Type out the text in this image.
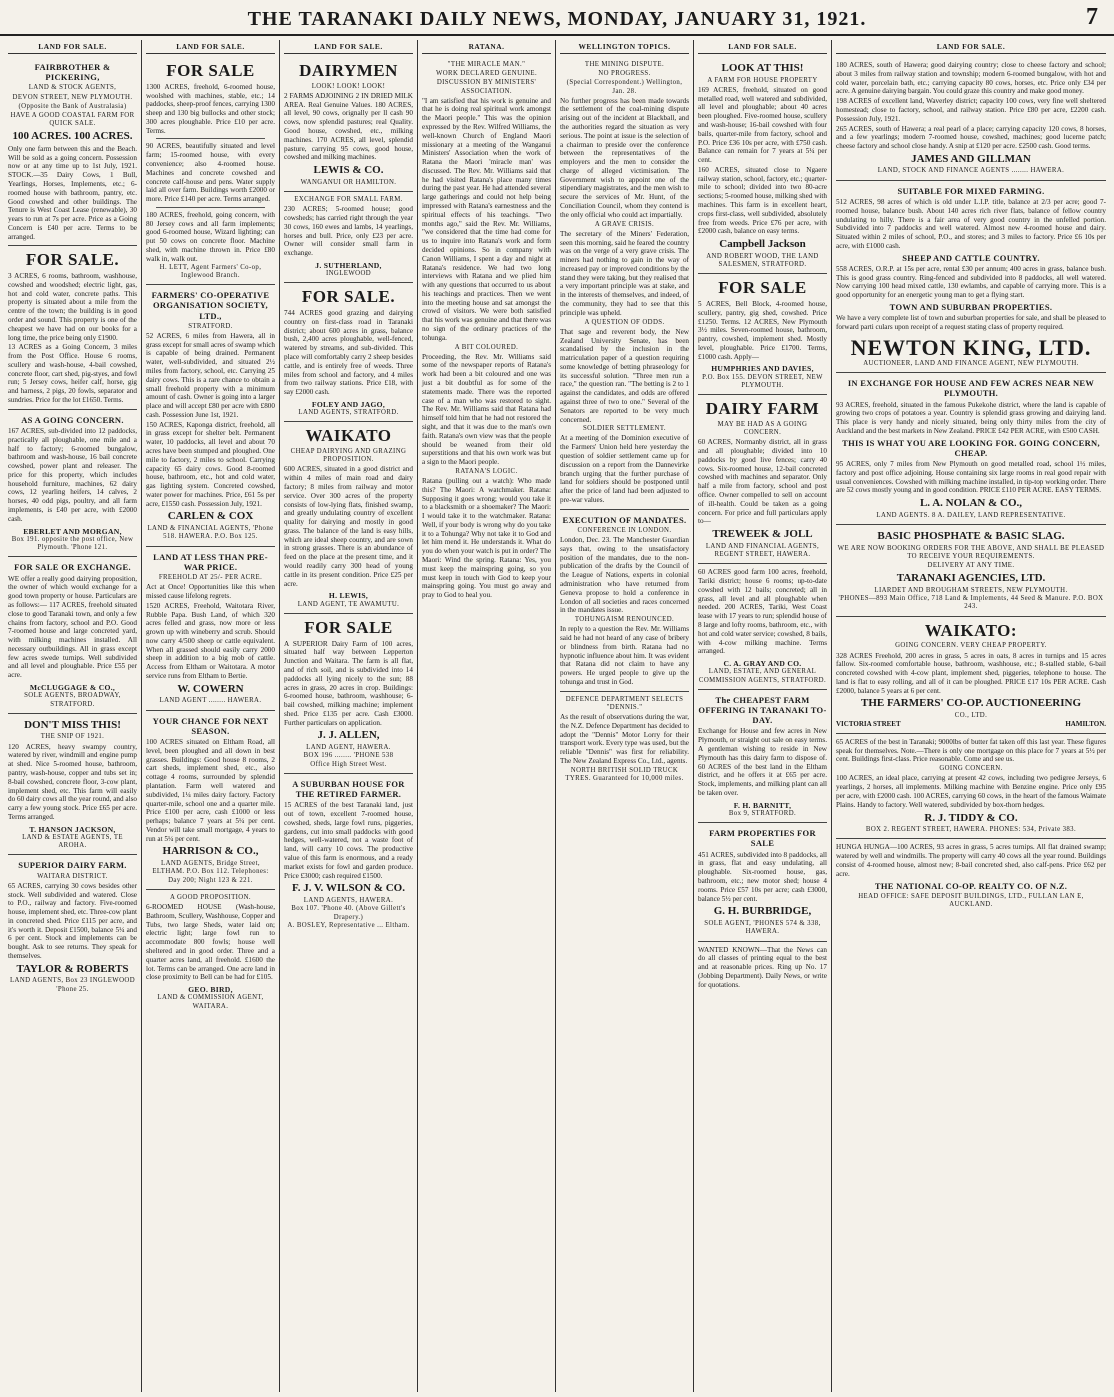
THE TARANAKI DAILY NEWS, MONDAY, JANUARY 31, 1921.	7
LAND FOR SALE.
FAIRBROTHER & PICKERING,
LAND & STOCK AGENTS,
DEVON STREET, NEW PLYMOUTH.
(Opposite the Bank of Australasia)
HAVE A GOOD COASTAL FARM FOR QUICK SALE.
100 ACRES. 100 ACRES.
Only one farm between this and the Beach. Will be sold as a going concern. Possession now or at any time up to 1st July, 1921. STOCK.—35 Dairy Cows, 1 Bull, Yearlings, Horses, Implements, etc.; 6-roomed house with bathroom, pantry, etc. Good cowshed and other buildings. The Tenure is West Coast Lease (renewable), 30 years to run at 7s per acre. Price as a Going Concern is £40 per acre. Terms to be arranged.
FOR SALE.
3 ACRES, 6 rooms, bathroom, washhouse, cowshed and woodshed; electric light, gas, hot and cold water, concrete paths. This property is situated about a mile from the centre of the town; the building is in good order and sound. This property is one of the cheapest we have had on our books for a long time, the price being only £1900.
13 ACRES as a Going Concern, 3 miles from the Post Office. House 6 rooms, scullery and wash-house, 4-bail cowshed, concrete floor, cart shed, pig-styes, and fowl run; 5 Jersey cows, heifer calf, horse, gig and harness, 2 pigs, 20 fowls, separator and sundries. Price for the lot £1650. Terms.
AS A GOING CONCERN.
167 ACRES, sub-divided into 12 paddocks, practically all ploughable, one mile and a half to factory; 6-roomed bungalow, bathroom and wash-house, 16 bail concrete cowshed, power plant and releaser. The price for this property, which includes household furniture, machines, 62 dairy cows, 12 yearling heifers, 14 calves, 2 horses, 40 odd pigs, poultry, and all farm implements, is £40 per acre, with £2000 cash.
EBERLET AND MORGAN,
Box 191. opposite the post office, New Plymouth. 'Phone 121.
FOR SALE OR EXCHANGE.
WE offer a really good dairying proposition, the owner of which would exchange for a good town property or house. Particulars are as follows:— 117 ACRES, freehold situated close to good Taranaki town, and only a few chains from factory, school and P.O. Good 7-roomed house and large concreted yard, with milking machines installed. All necessary outbuildings. All in grass except few acres swede turnips. Well subdivided and all level and ploughable. Price £55 per acre.
McCLUGGAGE & CO.,
SOLE AGENTS, BROADWAY, STRATFORD.
DON'T MISS THIS!
THE SNIP OF 1921.
120 ACRES, heavy swampy country, watered by river, windmill and engine pump at shed. Nice 5-roomed house, bathroom, pantry, wash-house, copper and tubs set in; 8-bail cowshed, concrete floor, 3-cow plant, implement shed, etc. This farm will easily do 60 dairy cows all the year round, and also carry a few young stock. Price £65 per acre. Terms arranged.
T. HANSON JACKSON,
LAND & ESTATE AGENTS, TE AROHA.
SUPERIOR DAIRY FARM.
WAITARA DISTRICT.
65 ACRES, carrying 30 cows besides other stock. Well subdivided and watered. Close to P.O., railway and factory. Five-roomed house, implement shed, etc. Three-cow plant in concreted shed. Price £115 per acre, and it's worth it. Deposit £1500, balance 5¼ and 6 per cent. Stock and implements can be bought. Ask to see returns. They speak for themselves.
TAYLOR & ROBERTS
LAND AGENTS, Box 23 INGLEWOOD 'Phone 25.
LAND FOR SALE.
FOR SALE
1300 ACRES, freehold, 6-roomed house, woolshed with machines, stable, etc.; 14 paddocks, sheep-proof fences, carrying 1300 sheep and 130 big bullocks and other stock; 300 acres ploughable. Price £10 per acre. Terms.
90 ACRES, beautifully situated and level farm; 15-roomed house, with every convenience; also 4-roomed house. Machines and concrete cowshed and concrete calf-house and pens. Water supply laid all over farm. Buildings worth £2000 or more. Price £140 per acre. Terms arranged.
180 ACRES, freehold, going concern, with 80 Jersey cows and all farm implements; good 6-roomed house, Wizard lighting; can put 50 cows on concrete floor. Machine shed, with machine thrown in. Price £80 walk in, walk out.
H. LETT, Agent Farmers' Co-op, Inglewood Branch.
FARMERS' CO-OPERATIVE ORGANISATION SOCIETY, LTD.,
STRATFORD.
52 ACRES, 6 miles from Hawera, all in grass except for small acres of swamp which is capable of being drained. Permanent water, well-subdivided, and situated 2½ miles from factory, school, etc. Carrying 25 dairy cows. This is a rare chance to obtain a small freehold property with a minimum amount of cash. Owner is going into a larger place and will accept £80 per acre with £800 cash. Possession June 1st, 1921.
150 ACRES, Kaponga district, freehold, all in grass except for shelter belt. Permanent water, 10 paddocks, all level and about 70 acres have been stumped and ploughed. One mile to factory, 2 miles to school. Carrying capacity 65 dairy cows. Good 8-roomed house, bathroom, etc., hot and cold water, gas lighting system. Concreted cowshed, water power for machines. Price, £61 5s per acre, £1550 cash. Possession July, 1921.
CARLEN & COX
LAND & FINANCIAL AGENTS, 'Phone 518. HAWERA. P.O. Box 125.
LAND AT LESS THAN PRE-WAR PRICE.
FREEHOLD AT 25/- PER ACRE.
Act at Once! Opportunities like this when missed cause lifelong regrets.
1520 ACRES, Freehold, Waitotara River, Rubble Papa. Bush Land, of which 320 acres felled and grass, now more or less grown up with wineberry and scrub. Should now carry 4/500 sheep or cattle equivalent. When all grassed should easily carry 2000 sheep in addition to a big mob of cattle. Access from Eltham or Waitotara. A motor service runs from Eltham to Bertie.
W. COWERN
LAND AGENT ........ HAWERA.
YOUR CHANCE FOR NEXT SEASON.
100 ACRES situated on Eltham Road, all level, been ploughed and all down in best grasses. Buildings: Good house 8 rooms, 2 cart sheds, implement shed, etc., also cottage 4 rooms, surrounded by splendid plantation. Farm well watered and subdivided, 1¼ miles dairy factory. Factory quarter-mile, school one and a quarter mile. Price £100 per acre, cash £1000 or less perhaps; balance 7 years at 5¼ per cent. Vendor will take small mortgage, 4 years to run at 5¼ per cent.
HARRISON & CO.,
LAND AGENTS, Bridge Street, ELTHAM. P.O. Box 112. Telephones: Day 200; Night 123 & 221.
A GOOD PROPOSITION.
6-ROOMED HOUSE (Wash-house, Bathroom, Scullery, Washhouse, Copper and Tubs, two large Sheds, water laid on; electric light; large fowl run to accommodate 800 fowls; house well sheltered and in good order. Three and a quarter acres land, all freehold. £1600 the lot. Terms can be arranged. One acre land in close proximity to Bell can be had for £105.
GEO. BIRD,
LAND & COMMISSION AGENT, WAITARA.
LAND FOR SALE.
DAIRYMEN
LOOK! LOOK! LOOK!
2 FARMS ADJOINING 2 IN DRIED MILK AREA. Real Genuine Values. 180 ACRES, all level, 90 cows, orignally per ll cash 90 cows, now splendid pastures; real Quality. Good house, cowshed, etc., milking machines. 170 ACRES, all level, splendid pasture, carrying 95 cows, good house, cowshed and milking machines.
LEWIS & CO.
WANGANUI OR HAMILTON.
EXCHANGE FOR SMALL FARM.
230 ACRES; 5-roomed house; good cowsheds; has carried right through the year 30 cows, 160 ewes and lambs, 14 yearlings, horses and bull. Price, only £23 per acre. Owner will consider small farm in exchange.
J. SUTHERLAND,
INGLEWOOD
FOR SALE.
744 ACRES good grazing and dairying country on first-class road in Taranaki district; about 600 acres in grass, balance bush, 2,400 acres ploughable, well-fenced, watered by streams, and sub-divided. This place will comfortably carry 2 sheep besides cattle, and is entirely free of weeds. Three miles from school and factory, and 4 miles from two railway stations. Price £18, with say £2000 cash.
FOLEY AND JAGO,
LAND AGENTS, STRATFORD.
WAIKATO
CHEAP DAIRYING AND GRAZING PROPOSITION.
600 ACRES, situated in a good district and within 4 miles of main road and dairy factory; 8 miles from railway and motor service. Over 300 acres of the property consists of low-lying flats, finished swamp, and greatly undulating country of excellent quality for dairying and mostly in good grass. The balance of the land is easy hills, which are ideal sheep country, and are sown in strong grasses. There is an abundance of feed on the place at the present time, and it would readily carry 300 head of young cattle in its present condition. Price £25 per acre.
H. LEWIS,
LAND AGENT, TE AWAMUTU.
FOR SALE
A SUPERIOR Dairy Farm of 100 acres, situated half way between Lepperton Junction and Waitara. The farm is all flat, and of rich soil, and is subdivided into 14 paddocks all lying nicely to the sun; 88 acres in grass, 20 acres in crop. Buildings: 6-roomed house, bathroom, washhouse; 6-bail cowshed, milking machine; implement shed. Price £135 per acre. Cash £3000. Further particulars on application.
J. J. ALLEN,
LAND AGENT, HAWERA.
BOX 196 ........ 'PHONE 538
Office High Street West.
A SUBURBAN HOUSE FOR THE RETIRED FARMER.
15 ACRES of the best Taranaki land, just out of town, excellent 7-roomed house, cowshed, sheds, large fowl runs, piggeries, gardens, cut into small paddocks with good hedges, well-watered, not a waste foot of land, will carry 10 cows. The productive value of this farm is enormous, and a ready market exists for fowl and garden produce. Price £3000; cash required £1500.
F. J. V. WILSON & CO.
LAND AGENTS, HAWERA.
Box 107. 'Phone 40. (Above Gillett's Drapery.)
A. BOSLEY, Representative ... Eltham.
RATANA.
"THE MIRACLE MAN."
WORK DECLARED GENUINE.
DISCUSSION BY MINISTERS' ASSOCIATION.
"I am satisfied that his work is genuine and that he is doing real spiritual work amongst the Maori people." This was the opinion expressed by the Rev. Wilfred Williams, the well-known Church of England Maori missionary at a meeting of the Wanganui Ministers' Association when the work of Ratana the Maori 'miracle man' was discussed. The Rev. Mr. Williams said that he had visited Ratana's place many times during the past year. He had attended several large gatherings and could not help being impressed with Ratana's earnestness and the spiritual effects of his teachings. "Two months ago," said the Rev. Mr. Williams, "we considered that the time had come for us to inquire into Ratana's work and form decided opinions. So in company with Canon Williams, I spent a day and night at Ratana's residence. We had two long interviews with Ratana and we plied him with any questions that occurred to us about his teachings and practices. Then we went into the meeting house and sat amongst the crowd of visitors. We were both satisfied that his work was genuine and that there was no sign of the ordinary practices of the tohunga.
A BIT COLOURED.
Proceeding, the Rev. Mr. Williams said some of the newspaper reports of Ratana's work had been a bit coloured and one was just a bit doubtful as for some of the statements made. There was the reported case of a man who was restored to sight. The Rev. Mr. Williams said that Ratana had himself told him that he had not restored the sight, and that it was due to the man's own faith. Ratana's own view was that the people should be weaned from their old superstitions and that his own work was but a sign to the Maori people.
RATANA'S LOGIC.
Ratana (pulling out a watch): Who made this? The Maori: A watchmaker. Ratana: Supposing it goes wrong; would you take it to a blacksmith or a shoemaker? The Maori: I would take it to the watchmaker. Ratana: Well, if your body is wrong why do you take it to a Tohunga? Why not take it to God and let him mend it. He understands it. What do you do when your watch is put in order? The Maori: Wind the spring. Ratana: Yes, you must keep the mainspring going, so you must keep in touch with God to keep your mainspring going. You must go away and pray to God to heal you.
WELLINGTON TOPICS.
THE MINING DISPUTE.
NO PROGRESS.
(Special Correspondent.) Wellington, Jan. 28.
No further progress has been made towards the settlement of the coal-mining dispute arising out of the incident at Blackball, and the authorities regard the situation as very serious. The point at issue is the selection of a chairman to preside over the conference between the representatives of the employers and the men to consider the charge of alleged victimisation. The Government wish to appoint one of the stipendiary magistrates, and the men wish to secure the services of Mr. Hunt, of the Conciliation Council, whom they contend is the only official who could act impartially.
A GRAVE CRISIS.
The secretary of the Miners' Federation, seen this morning, said he feared the country was on the verge of a very grave crisis. The miners had nothing to gain in the way of increased pay or improved conditions by the stand they were taking, but they realised that a very important principle was at stake, and in the interests of themselves, and indeed, of the community, they had to see that this principle was upheld.
A QUESTION OF ODDS.
That sage and reverent body, the New Zealand University Senate, has been scandalised by the inclusion in the matriculation paper of a question requiring some knowledge of betting phraseology for its successful solution. "Three men run a race," the question ran. "The betting is 2 to 1 against the candidates, and odds are offered against three of two to one." Several of the Senators are reported to be very much concerned.
SOLDIER SETTLEMENT.
At a meeting of the Dominion executive of the Farmers' Union held here yesterday the question of soldier settlement came up for discussion on a report from the Dannevirke branch urging that the further purchase of land for soldiers should be postponed until after the price of land had been adjusted to pre-war values.
EXECUTION OF MANDATES.
CONFERENCE IN LONDON.
London, Dec. 23. The Manchester Guardian says that, owing to the unsatisfactory position of the mandates, due to the non-publication of the drafts by the Council of the League of Nations, experts in colonial administration who have returned from Geneva propose to hold a conference in London of all societies and races concerned in the mandates issue.
TOHUNGAISM RENOUNCED.
In reply to a question the Rev. Mr. Williams said he had not heard of any case of bribery or blindness from birth. Ratana had no hypnotic influence about him. It was evident that Ratana did not claim to have any powers. He urged people to give up the tohunga and trust in God.
DEFENCE DEPARTMENT SELECTS "DENNIS."
As the result of observations during the war, the N.Z. Defence Department has decided to adopt the "Dennis" Motor Lorry for their transport work. Every type was used, but the reliable "Dennis" was first for reliability. The New Zealand Express Co., Ltd., agents.
NORTH BRITISH SOLID TRUCK TYRES. Guaranteed for 10,000 miles.
LAND FOR SALE.
LOOK AT THIS!
A FARM FOR HOUSE PROPERTY
169 ACRES, freehold, situated on good metalled road, well watered and subdivided, all level and ploughable; about 40 acres been ploughed. Five-roomed house, scullery and wash-house; 16-bail cowshed with four bails, quarter-mile from factory, school and P.O. Price £36 10s per acre, with £750 cash. Balance can remain for 7 years at 5¼ per cent.
160 ACRES, situated close to Ngaere railway station, school, factory, etc.; quarter-mile to school; divided into two 80-acre sections; 5-roomed house, milking shed with machines. This farm is in excellent heart, crops first-class, well subdivided, absolutely free from weeds. Price £76 per acre, with £2000 cash, balance on easy terms.
Campbell Jackson
AND ROBERT WOOD, THE LAND SALESMEN, STRATFORD.
FOR SALE
5 ACRES, Bell Block, 4-roomed house, scullery, pantry, gig shed, cowshed. Price £1250. Terms. 12 ACRES, New Plymouth 3½ miles. Seven-roomed house, bathroom, pantry, cowshed, implement shed. Mostly level, ploughable. Price £1700. Terms, £1000 cash. Apply—
HUMPHRIES AND DAVIES,
P.O. Box 155. DEVON STREET, NEW PLYMOUTH.
DAIRY FARM
MAY BE HAD AS A GOING CONCERN.
60 ACRES, Normanby district, all in grass and all ploughable; divided into 10 paddocks by good live fences; carry 40 cows. Six-roomed house, 12-bail concreted cowshed with machines and separator. Only half a mile from factory, school and post office. Owner compelled to sell on account of ill-health. Could be taken as a going concern. For price and full particulars apply to—
TREWEEK & JOLL
LAND AND FINANCIAL AGENTS, REGENT STREET, HAWERA.
60 ACRES good farm 100 acres, freehold, Tariki district; house 6 rooms; up-to-date cowshed with 12 bails; concreted; all in grass, all level and all ploughable when needed. 200 ACRES, Tariki, West Coast lease with 17 years to run; splendid house of 8 large and lofty rooms, bathroom, etc., with hot and cold water service; cowshed, 8 bails, with 4-cow milking machine. Terms arranged.
C. A. GRAY AND CO.
LAND, ESTATE, AND GENERAL COMMISSION AGENTS, STRATFORD.
The CHEAPEST FARM OFFERING IN TARANAKI TO-DAY.
Exchange for House and few acres in New Plymouth, or straight out sale on easy terms. A gentleman wishing to reside in New Plymouth has this dairy farm to dispose of. 60 ACRES of the best land in the Eltham district, and he offers it at £65 per acre. Stock, implements, and milking plant can all be taken over.
F. H. BARNITT,
Box 9, STRATFORD.
FARM PROPERTIES FOR SALE
451 ACRES, subdivided into 8 paddocks, all in grass, flat and easy undulating, all ploughable. Six-roomed house, gas, bathroom, etc.; new motor shed; house 4 rooms. Price £57 10s per acre; cash £3000, balance 5½ per cent.
G. H. BURBRIDGE,
SOLE AGENT, 'PHONES 574 & 338, HAWERA.
WANTED KNOWN—That the News can do all classes of printing equal to the best and at reasonable prices. Ring up No. 17 (Jobbing Department). Daily News, or write for quotations.
LAND FOR SALE.
180 ACRES, south of Hawera; good dairying country; close to cheese factory and school; about 3 miles from railway station and township; modern 6-roomed bungalow, with hot and cold water, porcelain bath, etc.; carrying capacity 80 cows, horses, etc. Price only £34 per acre. A genuine dairying bargain. You could graze this country and make good money.
198 ACRES of excellent land, Waverley district; capacity 100 cows, very fine well sheltered homestead; close to factory, school, and railway station. Price £80 per acre, £2200 cash. Possession July, 1921.
265 ACRES, south of Hawera; a real pearl of a place; carrying capacity 120 cows, 8 horses, and a few yearlings; modern 7-roomed house, cowshed, machines; good lucerne patch; cheese factory and school close handy. A snip at £120 per acre. £2500 cash. Good terms.
JAMES AND GILLMAN
LAND, STOCK AND FINANCE AGENTS ........ HAWERA.
SUITABLE FOR MIXED FARMING.
512 ACRES, 98 acres of which is old under L.I.P. title, balance at 2/3 per acre; good 7-roomed house, balance bush. About 140 acres rich river flats, balance of fellow country undulating to hilly. There is a fair area of very good country in the unfelled portion. Subdivided into 7 paddocks and well watered. Almost new 4-roomed house and dairy. Situated within 2 miles of school, P.O., and stores; and 3 miles to factory. Price £6 10s per acre, with £1000 cash.
SHEEP AND CATTLE COUNTRY.
558 ACRES, O.R.P. at 15s per acre, rental £30 per annum; 400 acres in grass, balance bush. This is good grass country. Ring-fenced and subdivided into 8 paddocks, all well watered. Now carrying 100 head mixed cattle, 130 ewlambs, and capable of carrying more. This is a good opportunity for an energetic young man to get a flying start.
TOWN AND SUBURBAN PROPERTIES.
We have a very complete list of town and suburban properties for sale, and shall be pleased to forward parti culars upon receipt of a request stating class of property required.
NEWTON KING, LTD.
AUCTIONEER, LAND AND FINANCE AGENT, NEW PLYMOUTH.
IN EXCHANGE FOR HOUSE AND FEW ACRES NEAR NEW PLYMOUTH.
93 ACRES, freehold, situated in the famous Pukekohe district, where the land is capable of growing two crops of potatoes a year. Country is splendid grass growing and dairying land. This place is very handy and nicely situated, being only thirty miles from the city of Auckland and the best markets in New Zealand. PRICE £42 PER ACRE, with £500 CASH.
THIS IS WHAT YOU ARE LOOKING FOR. GOING CONCERN, CHEAP.
95 ACRES, only 7 miles from New Plymouth on good metalled road, school 1½ miles, factory and post office adjoining. House containing six large rooms in real good repair with usual conveniences. Cowshed with milking machine installed, in tip-top working order. There are 52 cows mostly young and in good condition. PRICE £110 PER ACRE. EASY TERMS.
L. A. NOLAN & CO.,
LAND AGENTS. 8 A. DAILEY, LAND REPRESENTATIVE.
BASIC PHOSPHATE & BASIC SLAG.
WE ARE NOW BOOKING ORDERS FOR THE ABOVE, AND SHALL BE PLEASED TO RECEIVE YOUR REQUIREMENTS.
DELIVERY AT ANY TIME.
TARANAKI AGENCIES, LTD.
LIARDET AND BROUGHAM STREETS, NEW PLYMOUTH.
'PHONES—893 Main Office, 718 Land & Implements, 44 Seed & Manure. P.O. BOX 243.
WAIKATO:
GOING CONCERN. VERY CHEAP PROPERTY.
328 ACRES Freehold, 200 acres in grass, 5 acres in oats, 8 acres in turnips and 15 acres fallow. Six-roomed comfortable house, bathroom, washhouse, etc.; 8-stalled stable, 6-bail concreted cowshed with 4-cow plant, implement shed, piggeries, telephone to house. The land is flat to easy rolling, and all of it can be ploughed. PRICE £17 10s PER ACRE. Cash £2000, balance 5 years at 6 per cent.
THE FARMERS' CO-OP. AUCTIONEERING
CO., LTD.
VICTORIA STREET	HAMILTON.
65 ACRES of the best in Taranaki; 9000lbs of butter fat taken off this last year. These figures speak for themselves. Note.—There is only one mortgage on this place for 7 years at 5½ per cent. Buildings first-class. Price reasonable. Come and see us.
GOING CONCERN.
100 ACRES, an ideal place, carrying at present 42 cows, including two pedigree Jerseys, 6 yearlings, 2 horses, all implements. Milking machine with Benzine engine. Price only £95 per acre, with £2000 cash. 100 ACRES, carrying 60 cows, in the heart of the famous Waimate Plains. Handy to factory. Well watered, subdivided by box-thorn hedges.
R. J. TIDDY & CO.
BOX 2. REGENT STREET, HAWERA. PHONES: 534, Private 383.
HUNGA HUNGA—100 ACRES, 93 acres in grass, 5 acres turnips. All flat drained swamp; watered by well and windmills. The property will carry 40 cows all the year round. Buildings consist of 4-roomed house, almost new; 8-bail concreted shed, also calf-pens. Price £62 per acre.
THE NATIONAL CO-OP. REALTY CO. OF N.Z.
HEAD OFFICE: SAFE DEPOSIT BUILDINGS, LTD., FULLAN LAN E, AUCKLAND.
